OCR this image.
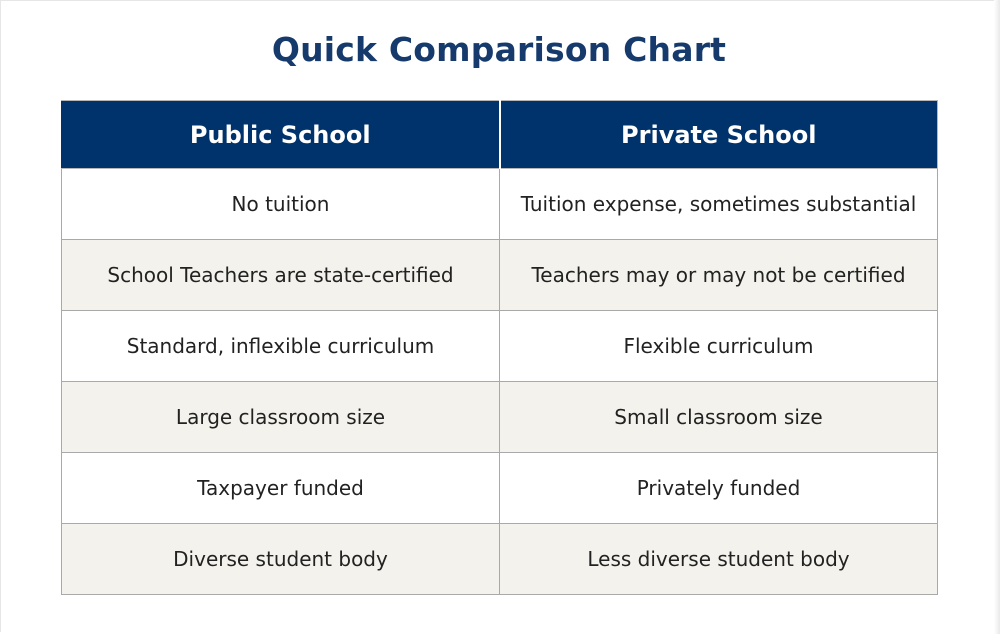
Quick Comparison Chart
Public School	Private School
No tuition	Tuition expense, sometimes substantial
School Teachers are state-certified	Teachers may or may not be certified
Standard, inflexible curriculum	Flexible curriculum
Large classroom size	Small classroom size
Taxpayer funded	Privately funded
Diverse student body	Less diverse student body
